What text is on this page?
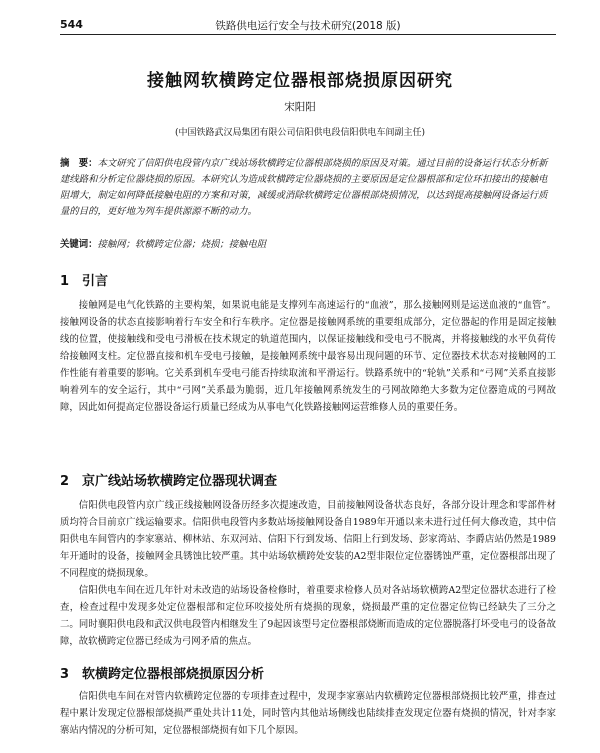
544	铁路供电运行安全与技术研究(2018 版)
接触网软横跨定位器根部烧损原因研究
宋阳阳
(中国铁路武汉局集团有限公司信阳供电段信阳供电车间副主任)
摘　要：本文研究了信阳供电段管内京广线站场软横跨定位器根部烧损的原因及对策。通过目前的设备运行状态分析新建线路和分析定位器烧损的原因。本研究认为造成软横跨定位器烧损的主要原因是定位器根部和定位环扣接出的接触电阻增大，制定如何降低接触电阻的方案和对策，减缓或消除软横跨定位器根部烧损情况，以达到提高接触网设备运行质量的目的，更好地为列车提供源源不断的动力。
关键词：接触网；软横跨定位器；烧损；接触电阻
1 引言
接触网是电气化铁路的主要构架，如果说电能是支撑列车高速运行的“血液”，那么接触网则是运送血液的“血管”。接触网设备的状态直接影响着行车安全和行车秩序。定位器是接触网系统的重要组成部分，定位器起的作用是固定接触线的位置，使接触线和受电弓滑板在技术规定的轨道范围内，以保证接触线和受电弓不脱离，并将接触线的水平负荷传给接触网支柱。定位器直接和机车受电弓接触，是接触网系统中最容易出现问题的环节、定位器技术状态对接触网的工作性能有着重要的影响。它关系到机车受电弓能否持续取流和平滑运行。铁路系统中的“轮轨”关系和“弓网”关系直接影响着列车的安全运行，其中“弓网”关系最为脆弱，近几年接触网系统发生的弓网故障绝大多数为定位器造成的弓网故障，因此如何提高定位器设备运行质量已经成为从事电气化铁路接触网运营维修人员的重要任务。
2 京广线站场软横跨定位器现状调查
信阳供电段管内京广线正线接触网设备历经多次提速改造，目前接触网设备状态良好，各部分设计理念和零部件材质均符合目前京广线运输要求。信阳供电段管内多数站场接触网设备自1989年开通以来未进行过任何大修改造，其中信阳供电车间管内的李家寨站、柳林站、东双河站、信阳下行到发场、信阳上行到发场、彭家湾站、李爵店站仍然是1989年开通时的设备，接触网金具锈蚀比较严重。其中站场软横跨处安装的A2型非限位定位器锈蚀严重，定位器根部出现了不同程度的烧损现象。
信阳供电车间在近几年针对未改造的站场设备检修时，着重要求检修人员对各站场软横跨A2型定位器状态进行了检查，检查过程中发现多处定位器根部和定位环咬接处所有烧损的现象，烧损最严重的定位器定位钩已经缺失了三分之二。同时襄阳供电段和武汉供电段管内相继发生了9起因该型号定位器根部烧断而造成的定位器脱落打坏受电弓的设备故障，故软横跨定位器已经成为弓网矛盾的焦点。
3 软横跨定位器根部烧损原因分析
信阳供电车间在对管内软横跨定位器的专项排查过程中，发现李家寨站内软横跨定位器根部烧损比较严重，排查过程中累计发现定位器根部烧损严重处共计11处，同时管内其他站场侧线也陆续排查发现定位器有烧损的情况，针对李家寨站内情况的分析可知，定位器根部烧损有如下几个原因。
